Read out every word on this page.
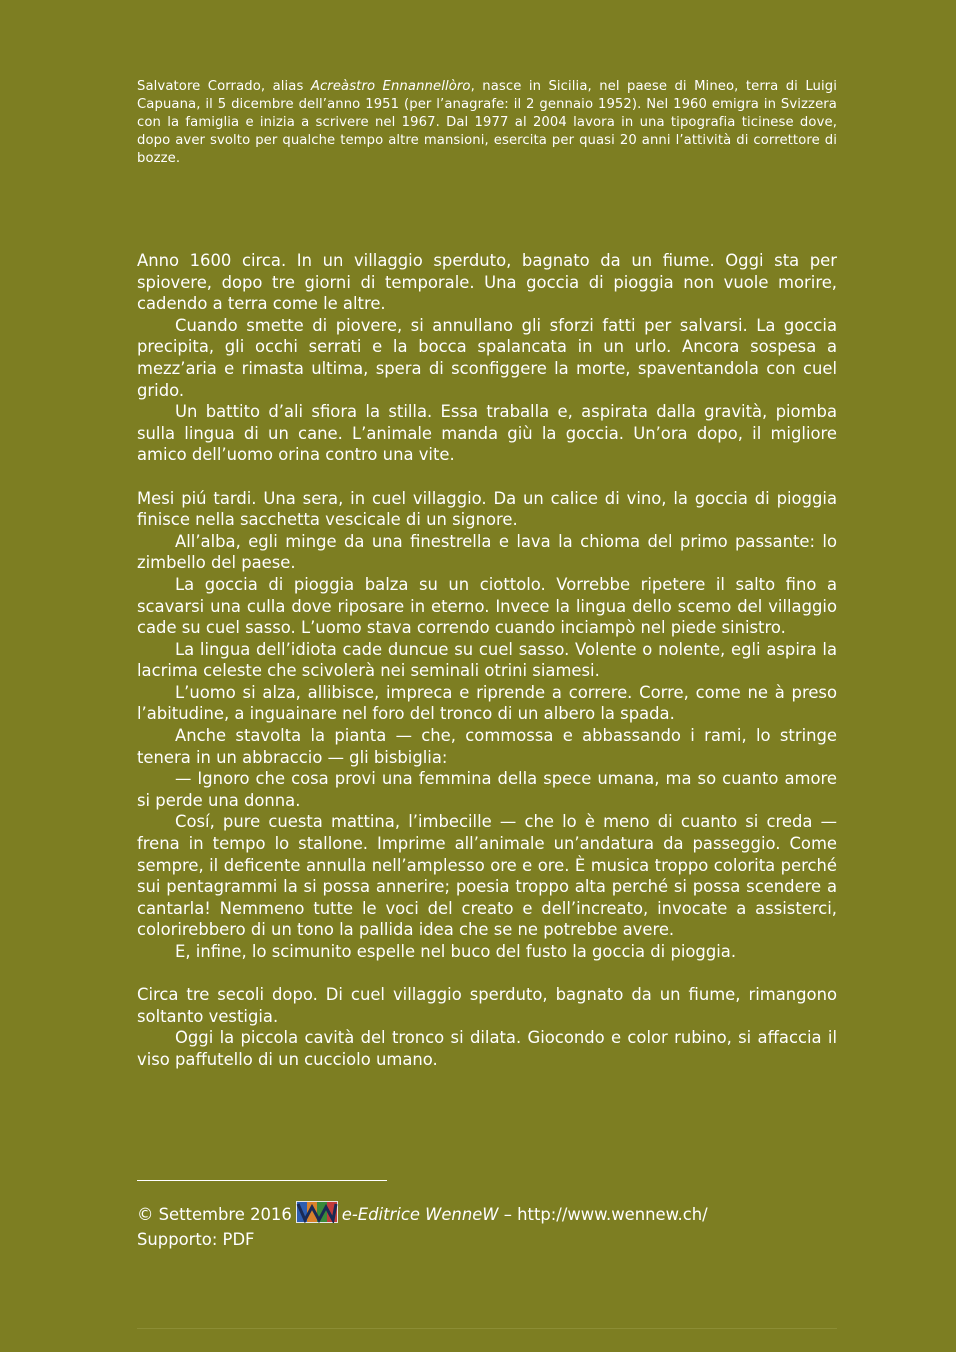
Salvatore Corrado, alias Acreàstro Ennannellòro, nasce in Sicilia, nel paese di Mineo, terra di Luigi Capuana, il 5 dicembre dell’anno 1951 (per l’anagrafe: il 2 gennaio 1952). Nel 1960 emigra in Svizzera con la famiglia e inizia a scrivere nel 1967. Dal 1977 al 2004 lavora in una tipografia ticinese dove, dopo aver svolto per qualche tempo altre mansioni, esercita per quasi 20 anni l’attività di correttore di bozze.

Anno 1600 circa. In un villaggio sperduto, bagnato da un fiume. Oggi sta per spiovere, dopo tre giorni di temporale. Una goccia di pioggia non vuole morire, cadendo a terra come le altre.

Cuando smette di piovere, si annullano gli sforzi fatti per salvarsi. La goccia precipita, gli occhi serrati e la bocca spalancata in un urlo. Ancora sospesa a mezz’aria e rimasta ultima, spera di sconfiggere la morte, spaventandola con cuel grido.

Un battito d’ali sfiora la stilla. Essa traballa e, aspirata dalla gravità, piomba sulla lingua di un cane. L’animale manda giù la goccia. Un’ora dopo, il migliore amico dell’uomo orina contro una vite.

Mesi piú tardi. Una sera, in cuel villaggio. Da un calice di vino, la goccia di pioggia finisce nella sacchetta vescicale di un signore.

All’alba, egli minge da una finestrella e lava la chioma del primo passante: lo zimbello del paese.

La goccia di pioggia balza su un ciottolo. Vorrebbe ripetere il salto fino a scavarsi una culla dove riposare in eterno. Invece la lingua dello scemo del villaggio cade su cuel sasso. L’uomo stava correndo cuando inciampò nel piede sinistro.

La lingua dell’idiota cade duncue su cuel sasso. Volente o nolente, egli aspira la lacrima celeste che scivolerà nei seminali otrini siamesi.

L’uomo si alza, allibisce, impreca e riprende a correre. Corre, come ne à preso l’abitudine, a inguainare nel foro del tronco di un albero la spada.

Anche stavolta la pianta — che, commossa e abbassando i rami, lo stringe tenera in un abbraccio — gli bisbiglia:

— Ignoro che cosa provi una femmina della spece umana, ma so cuanto amore si perde una donna.

Cosí, pure cuesta mattina, l’imbecille — che lo è meno di cuanto si creda — frena in tempo lo stallone. Imprime all’animale un’andatura da passeggio. Come sempre, il deficente annulla nell’amplesso ore e ore. È musica troppo colorita perché sui pentagrammi la si possa annerire; poesia troppo alta perché si possa scendere a cantarla! Nemmeno tutte le voci del creato e dell’increato, invocate a assisterci, colorirebbero di un tono la pallida idea che se ne potrebbe avere.

E, infine, lo scimunito espelle nel buco del fusto la goccia di pioggia.

Circa tre secoli dopo. Di cuel villaggio sperduto, bagnato da un fiume, rimangono soltanto vestigia.

Oggi la piccola cavità del tronco si dilata. Giocondo e color rubino, si affaccia il viso paffutello di un cucciolo umano.

© Settembre 2016	e-Editrice WenneW – http://www.wennew.ch/
Supporto: PDF
